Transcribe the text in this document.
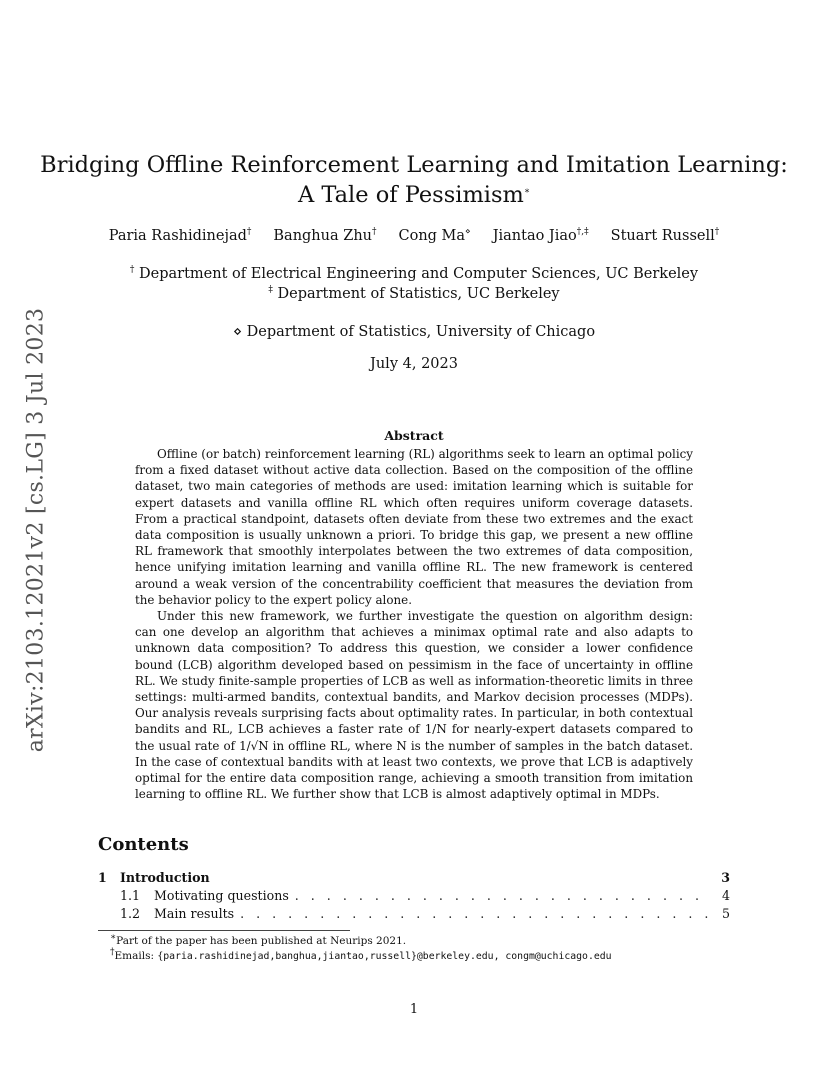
arXiv:2103.12021v2 [cs.LG] 3 Jul 2023
Bridging Offline Reinforcement Learning and Imitation Learning:
A Tale of Pessimism∗
Paria Rashidinejad† Banghua Zhu† Cong Ma⋄ Jiantao Jiao†,‡ Stuart Russell†
† Department of Electrical Engineering and Computer Sciences, UC Berkeley
‡ Department of Statistics, UC Berkeley
⋄ Department of Statistics, University of Chicago
July 4, 2023
Abstract

Offline (or batch) reinforcement learning (RL) algorithms seek to learn an optimal policy from a fixed dataset without active data collection. Based on the composition of the offline dataset, two main categories of methods are used: imitation learning which is suitable for expert datasets and vanilla offline RL which often requires uniform coverage datasets. From a practical standpoint, datasets often deviate from these two extremes and the exact data composition is usually unknown a priori. To bridge this gap, we present a new offline RL framework that smoothly interpolates between the two extremes of data composition, hence unifying imitation learning and vanilla offline RL. The new framework is centered around a weak version of the concentrability coefficient that measures the deviation from the behavior policy to the expert policy alone.

Under this new framework, we further investigate the question on algorithm design: can one develop an algorithm that achieves a minimax optimal rate and also adapts to unknown data composition? To address this question, we consider a lower confidence bound (LCB) algorithm developed based on pessimism in the face of uncertainty in offline RL. We study finite-sample properties of LCB as well as information-theoretic limits in three settings: multi-armed bandits, contextual bandits, and Markov decision processes (MDPs). Our analysis reveals surprising facts about optimality rates. In particular, in both contextual bandits and RL, LCB achieves a faster rate of 1/N for nearly-expert datasets compared to the usual rate of 1/√N in offline RL, where N is the number of samples in the batch dataset. In the case of contextual bandits with at least two contexts, we prove that LCB is adaptively optimal for the entire data composition range, achieving a smooth transition from imitation learning to offline RL. We further show that LCB is almost adaptively optimal in MDPs.

Contents
1	Introduction	3
1.1	Motivating questions . . .	4
1.2	Main results . . .	5
∗Part of the paper has been published at Neurips 2021.
†Emails: {paria.rashidinejad,banghua,jiantao,russell}@berkeley.edu, congm@uchicago.edu
1
